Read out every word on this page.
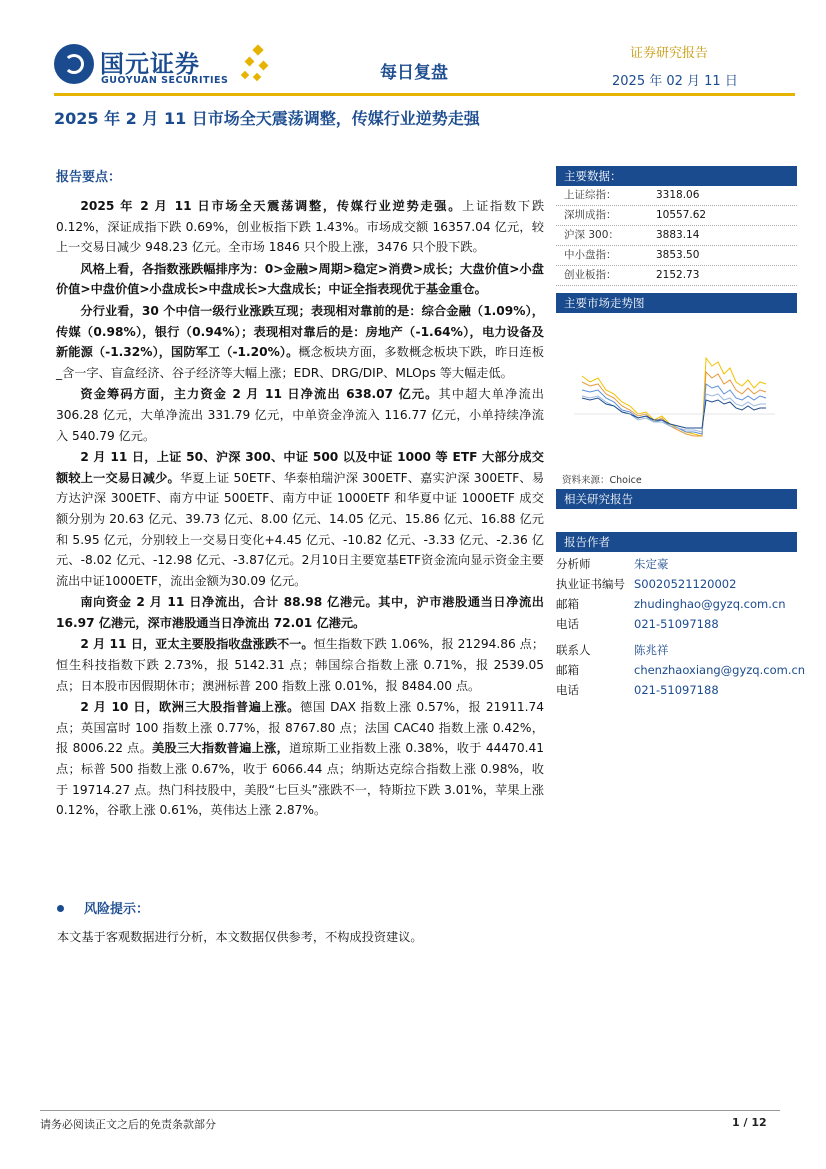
国元证券
GUOYUAN SECURITIES	每日复盘
证券研究报告
2025 年 02 月 11 日
2025 年 2 月 11 日市场全天震荡调整，传媒行业逆势走强
报告要点：

2025 年 2 月 11 日市场全天震荡调整，传媒行业逆势走强。上证指数下跌 0.12%，深证成指下跌 0.69%，创业板指下跌 1.43%。市场成交额 16357.04 亿元，较上一交易日减少 948.23 亿元。全市场 1846 只个股上涨，3476 只个股下跌。

风格上看，各指数涨跌幅排序为：0>金融>周期>稳定>消费>成长；大盘价值>小盘价值>中盘价值>小盘成长>中盘成长>大盘成长；中证全指表现优于基金重仓。

分行业看，30 个中信一级行业涨跌互现；表现相对靠前的是：综合金融（1.09%），传媒（0.98%），银行（0.94%）；表现相对靠后的是：房地产（-1.64%），电力设备及新能源（-1.32%），国防军工（-1.20%）。概念板块方面，多数概念板块下跌，昨日连板_含一字、盲盒经济、谷子经济等大幅上涨；EDR、DRG/DIP、MLOps 等大幅走低。

资金筹码方面，主力资金 2 月 11 日净流出 638.07 亿元。其中超大单净流出 306.28 亿元，大单净流出 331.79 亿元，中单资金净流入 116.77 亿元，小单持续净流入 540.79 亿元。

2 月 11 日，上证 50、沪深 300、中证 500 以及中证 1000 等 ETF 大部分成交额较上一交易日减少。华夏上证 50ETF、华泰柏瑞沪深 300ETF、嘉实沪深 300ETF、易方达沪深 300ETF、南方中证 500ETF、南方中证 1000ETF 和华夏中证 1000ETF 成交额分别为 20.63 亿元、39.73 亿元、8.00 亿元、14.05 亿元、15.86 亿元、16.88 亿元和 5.95 亿元，分别较上一交易日变化+4.45 亿元、-10.82 亿元、-3.33 亿元、-2.36 亿元、-8.02 亿元、-12.98 亿元、-3.87亿元。2月10日主要宽基ETF资金流向显示资金主要流出中证1000ETF，流出金额为30.09 亿元。

南向资金 2 月 11 日净流出，合计 88.98 亿港元。其中，沪市港股通当日净流出 16.97 亿港元，深市港股通当日净流出 72.01 亿港元。

2 月 11 日，亚太主要股指收盘涨跌不一。恒生指数下跌 1.06%，报 21294.86 点；恒生科技指数下跌 2.73%，报 5142.31 点；韩国综合指数上涨 0.71%，报 2539.05 点；日本股市因假期休市；澳洲标普 200 指数上涨 0.01%，报 8484.00 点。

2 月 10 日，欧洲三大股指普遍上涨。德国 DAX 指数上涨 0.57%，报 21911.74 点；英国富时 100 指数上涨 0.77%，报 8767.80 点；法国 CAC40 指数上涨 0.42%，报 8006.22 点。美股三大指数普遍上涨，道琼斯工业指数上涨 0.38%，收于 44470.41 点；标普 500 指数上涨 0.67%，收于 6066.44 点；纳斯达克综合指数上涨 0.98%，收于 19714.27 点。热门科技股中，美股“七巨头”涨跌不一，特斯拉下跌 3.01%，苹果上涨 0.12%，谷歌上涨 0.61%，英伟达上涨 2.87%。

风险提示：
本文基于客观数据进行分析，本文数据仅供参考，不构成投资建议。
主要数据：
上证综指：	3318.06
深圳成指：	10557.62
沪深 300：	3883.14
中小盘指：	3853.50
创业板指：	2152.73
主要市场走势图
资料来源：Choice
相关研究报告
报告作者
分析师	朱定豪
执业证书编号 S0020521120002
邮箱	zhudinghao@gyzq.com.cn
电话	021-51097188
联系人	陈兆祥
邮箱	chenzhaoxiang@gyzq.com.cn
电话	021-51097188
请务必阅读正文之后的免责条款部分	1 / 12
